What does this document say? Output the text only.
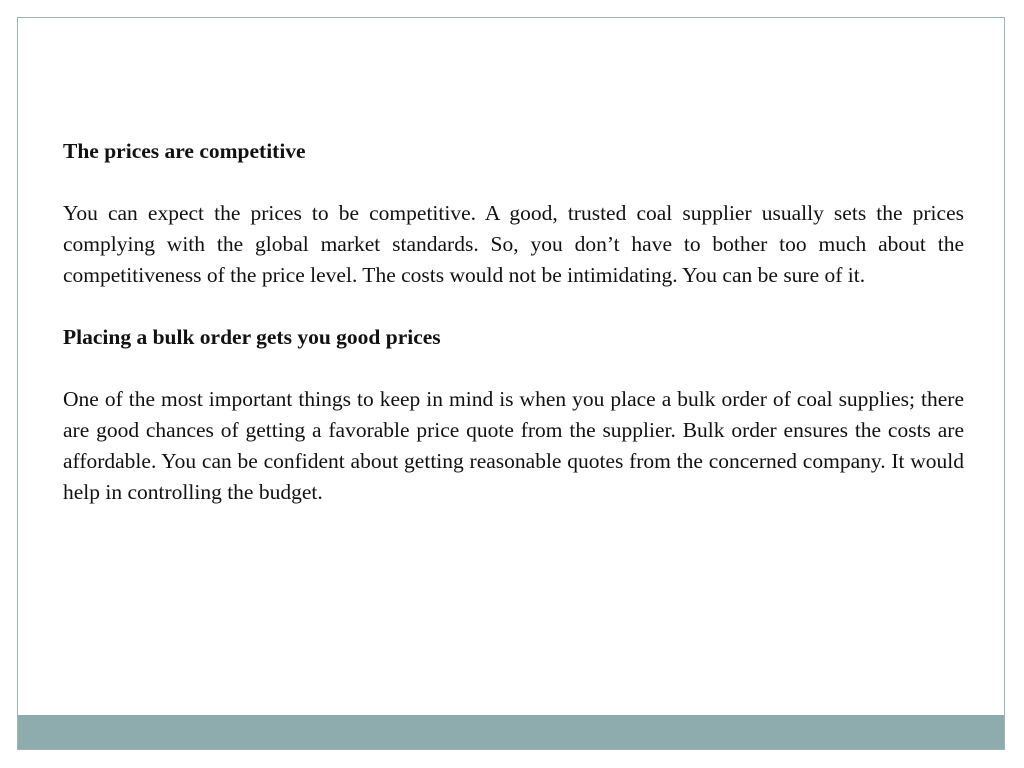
The prices are competitive

You can expect the prices to be competitive. A good, trusted coal supplier usually sets the prices complying with the global market standards. So, you don’t have to bother too much about the competitiveness of the price level. The costs would not be intimidating. You can be sure of it.

Placing a bulk order gets you good prices

One of the most important things to keep in mind is when you place a bulk order of coal supplies; there are good chances of getting a favorable price quote from the supplier. Bulk order ensures the costs are affordable. You can be confident about getting reasonable quotes from the concerned company. It would help in controlling the budget.
